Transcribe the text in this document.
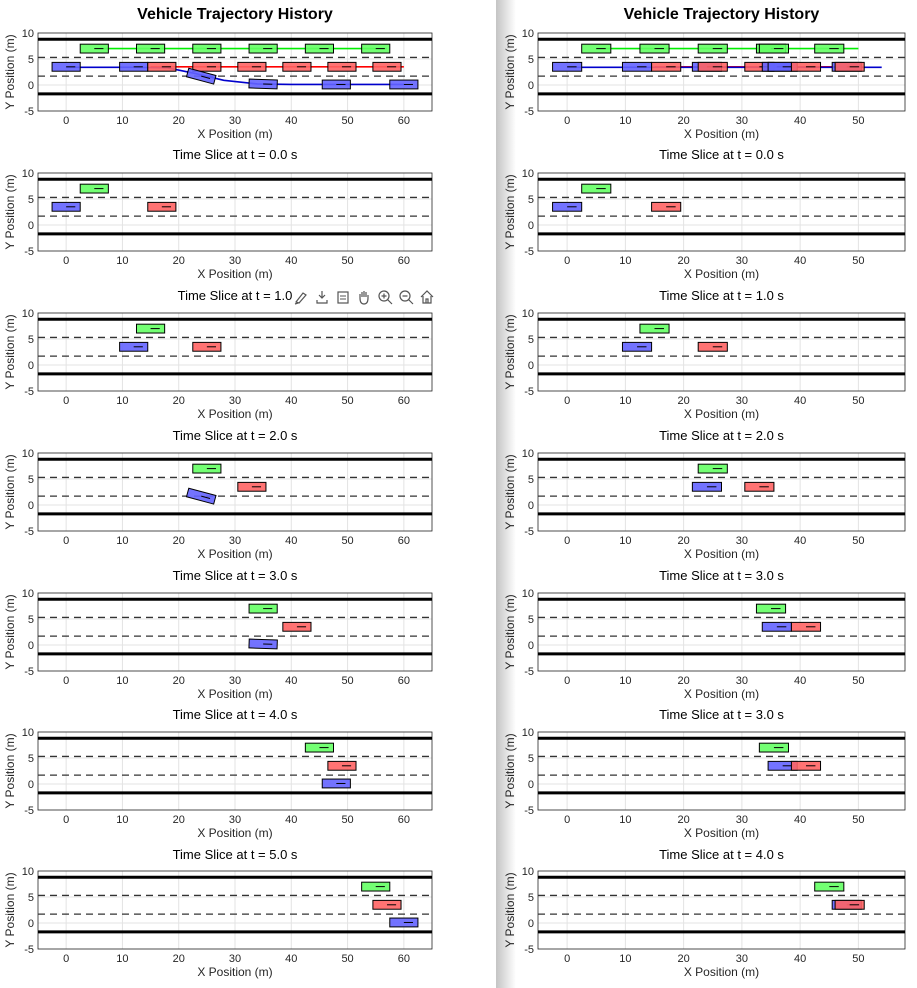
0	10	20	30	40	50	60
-5
0
5
10
X Position (m)
Y Position (m)
Vehicle Trajectory History
0	10	20	30	40	50	60
-5
0
5
10
X Position (m)
Y Position (m)
Time Slice at t = 0.0 s
0	10	20	30	40	50	60
-5
0
5
10
X Position (m)
Y Position (m)
Time Slice at t = 1.0
0	10	20	30	40	50	60
-5
0
5
10
X Position (m)
Y Position (m)
Time Slice at t = 2.0 s
0	10	20	30	40	50	60
-5
0
5
10
X Position (m)
Y Position (m)
Time Slice at t = 3.0 s
0	10	20	30	40	50	60
-5
0
5
10
X Position (m)
Y Position (m)
Time Slice at t = 4.0 s
0	10	20	30	40	50	60
-5
0
5
10
X Position (m)
Y Position (m)
Time Slice at t = 5.0 s
0	10	20	30	40	50
-5
0
5
10
X Position (m)
Y Position (m)
Vehicle Trajectory History
0	10	20	30	40	50
-5
0
5
10
X Position (m)
Y Position (m)
Time Slice at t = 0.0 s
0	10	20	30	40	50
-5
0
5
10
X Position (m)
Y Position (m)
Time Slice at t = 1.0 s
0	10	20	30	40	50
-5
0
5
10
X Position (m)
Y Position (m)
Time Slice at t = 2.0 s
0	10	20	30	40	50
-5
0
5
10
X Position (m)
Y Position (m)
Time Slice at t = 3.0 s
0	10	20	30	40	50
-5
0
5
10
X Position (m)
Y Position (m)
Time Slice at t = 3.0 s
0	10	20	30	40	50
-5
0
5
10
X Position (m)
Y Position (m)
Time Slice at t = 4.0 s
